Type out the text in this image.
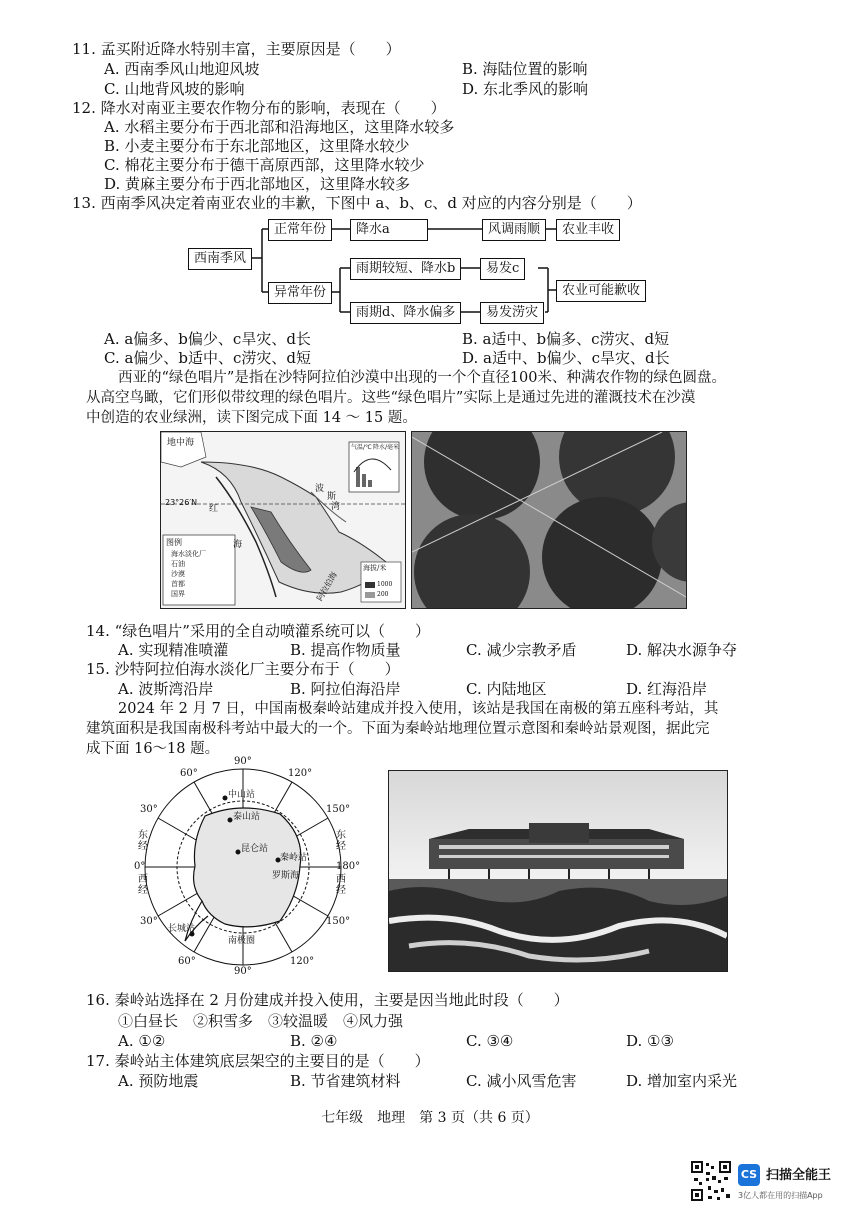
11. 孟买附近降水特别丰富，主要原因是（　　）
A. 西南季风山地迎风坡	B. 海陆位置的影响
C. 山地背风坡的影响	D. 东北季风的影响
12. 降水对南亚主要农作物分布的影响，表现在（　　）
A. 水稻主要分布于西北部和沿海地区，这里降水较多
B. 小麦主要分布于东北部地区，这里降水较少
C. 棉花主要分布于德干高原西部，这里降水较少
D. 黄麻主要分布于西北部地区，这里降水较多
13. 西南季风决定着南亚农业的丰歉，下图中 a、b、c、d 对应的内容分别是（　　）
西南季风
正常年份	降水a	风调雨顺	农业丰收
异常年份
雨期较短、降水b	易发c
雨期d、降水偏多	易发涝灾
农业可能歉收
A. a偏多、b偏少、c旱灾、d长	B. a适中、b偏多、c涝灾、d短
C. a偏少、b适中、c涝灾、d短	D. a适中、b偏少、c旱灾、d长
西亚的“绿色唱片”是指在沙特阿拉伯沙漠中出现的一个个直径100米、种满农作物的绿色圆盘。
从高空鸟瞰，它们形似带纹理的绿色唱片。这些“绿色唱片”实际上是通过先进的灌溉技术在沙漠
中创造的农业绿洲，读下图完成下面 14 ～ 15 题。
地中海
23°26′N
红
海
波
斯
湾
阿拉伯海
气温/℃ 降水/毫米
图例
海水淡化厂
石油
沙漠
首都
国界
海拔/米
1000
200
14. “绿色唱片”采用的全自动喷灌系统可以（　　）
A. 实现精准喷灌	B. 提高作物质量	C. 减少宗教矛盾	D. 解决水源争夺
15. 沙特阿拉伯海水淡化厂主要分布于（　　）
A. 波斯湾沿岸	B. 阿拉伯海沿岸	C. 内陆地区	D. 红海沿岸
2024 年 2 月 7 日，中国南极秦岭站建成并投入使用，该站是我国在南极的第五座科考站，其
建筑面积是我国南极科考站中最大的一个。下面为秦岭站地理位置示意图和秦岭站景观图，据此完
成下面 16～18 题。
90°
60°	120°
30°	150°
东经
0°	180°
西经
东经
西经
30°	150°
60°	120°
90°
中山站
泰山站
昆仑站
秦岭站
罗斯海
长城站
南极圈
16. 秦岭站选择在 2 月份建成并投入使用，主要是因当地此时段（　　）
①白昼长　②积雪多　③较温暖　④风力强
A. ①②	B. ②④	C. ③④	D. ①③
17. 秦岭站主体建筑底层架空的主要目的是（　　）
A. 预防地震	B. 节省建筑材料	C. 减小风雪危害	D. 增加室内采光
七年级　地理　第 3 页（共 6 页）
CS 扫描全能王
3亿人都在用的扫描App
